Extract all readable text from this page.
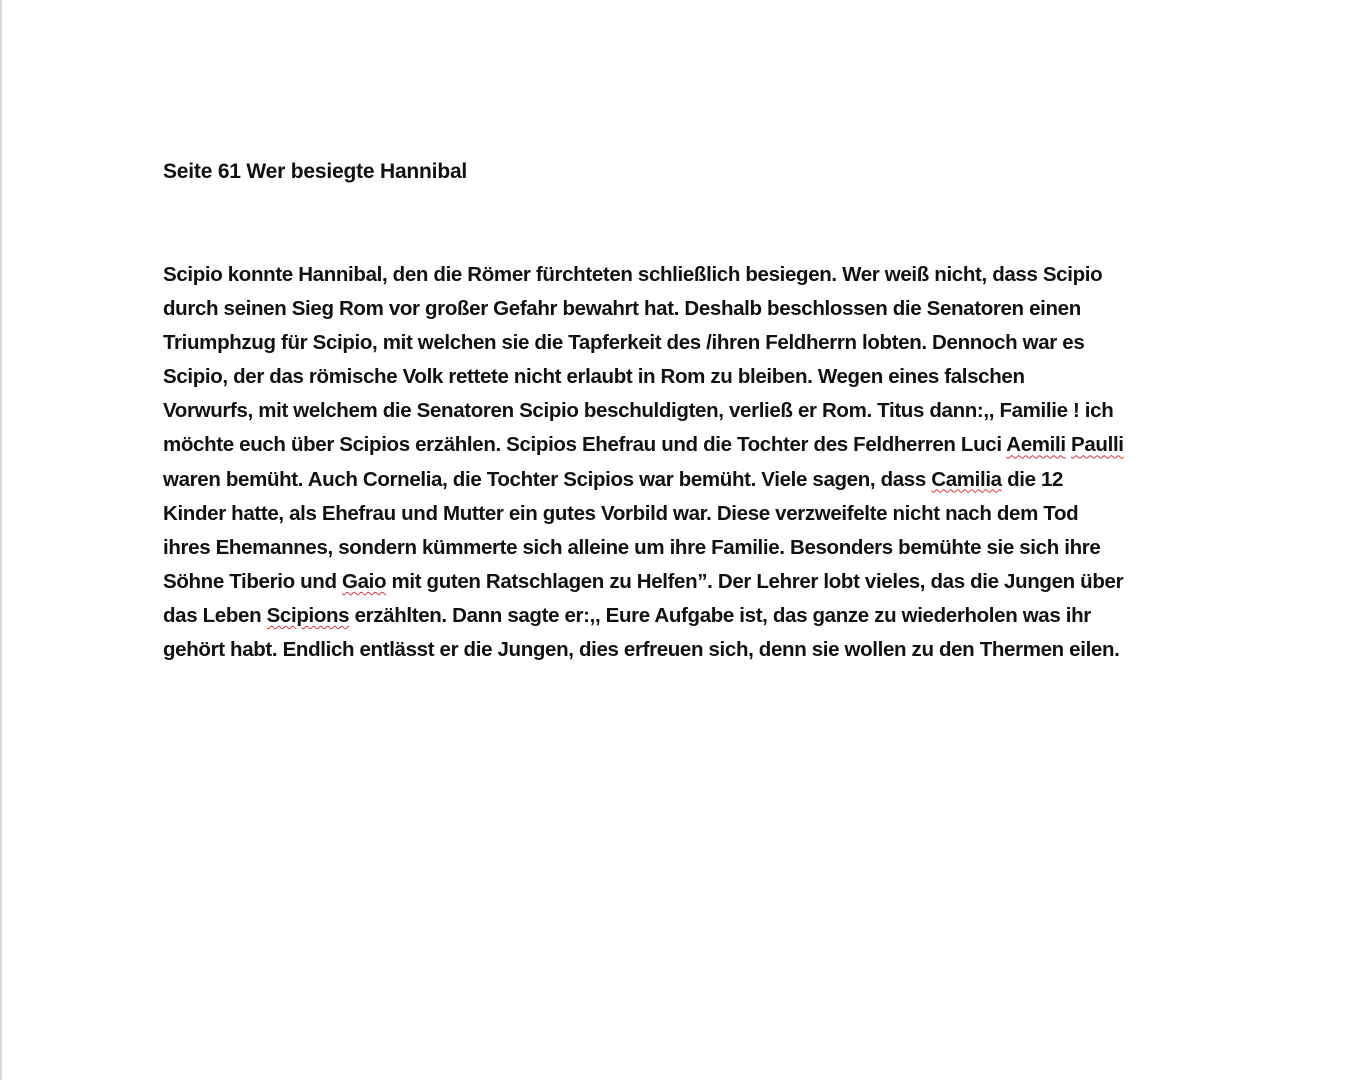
Seite 61 Wer besiegte Hannibal
Scipio konnte Hannibal, den die Römer fürchteten schließlich besiegen. Wer weiß nicht, dass Scipio
durch seinen Sieg Rom vor großer Gefahr bewahrt hat. Deshalb beschlossen die Senatoren einen
Triumphzug für Scipio, mit welchen sie die Tapferkeit des /ihren Feldherrn lobten. Dennoch war es
Scipio, der das römische Volk rettete nicht erlaubt in Rom zu bleiben. Wegen eines falschen
Vorwurfs, mit welchem die Senatoren Scipio beschuldigten, verließ er Rom. Titus dann:,, Familie ! ich
möchte euch über Scipios erzählen. Scipios Ehefrau und die Tochter des Feldherren Luci Aemili Paulli
waren bemüht. Auch Cornelia, die Tochter Scipios war bemüht. Viele sagen, dass Camilia die 12
Kinder hatte, als Ehefrau und Mutter ein gutes Vorbild war. Diese verzweifelte nicht nach dem Tod
ihres Ehemannes, sondern kümmerte sich alleine um ihre Familie. Besonders bemühte sie sich ihre
Söhne Tiberio und Gaio mit guten Ratschlagen zu Helfen”. Der Lehrer lobt vieles, das die Jungen über
das Leben Scipions erzählten. Dann sagte er:,, Eure Aufgabe ist, das ganze zu wiederholen was ihr
gehört habt. Endlich entlässt er die Jungen, dies erfreuen sich, denn sie wollen zu den Thermen eilen.
